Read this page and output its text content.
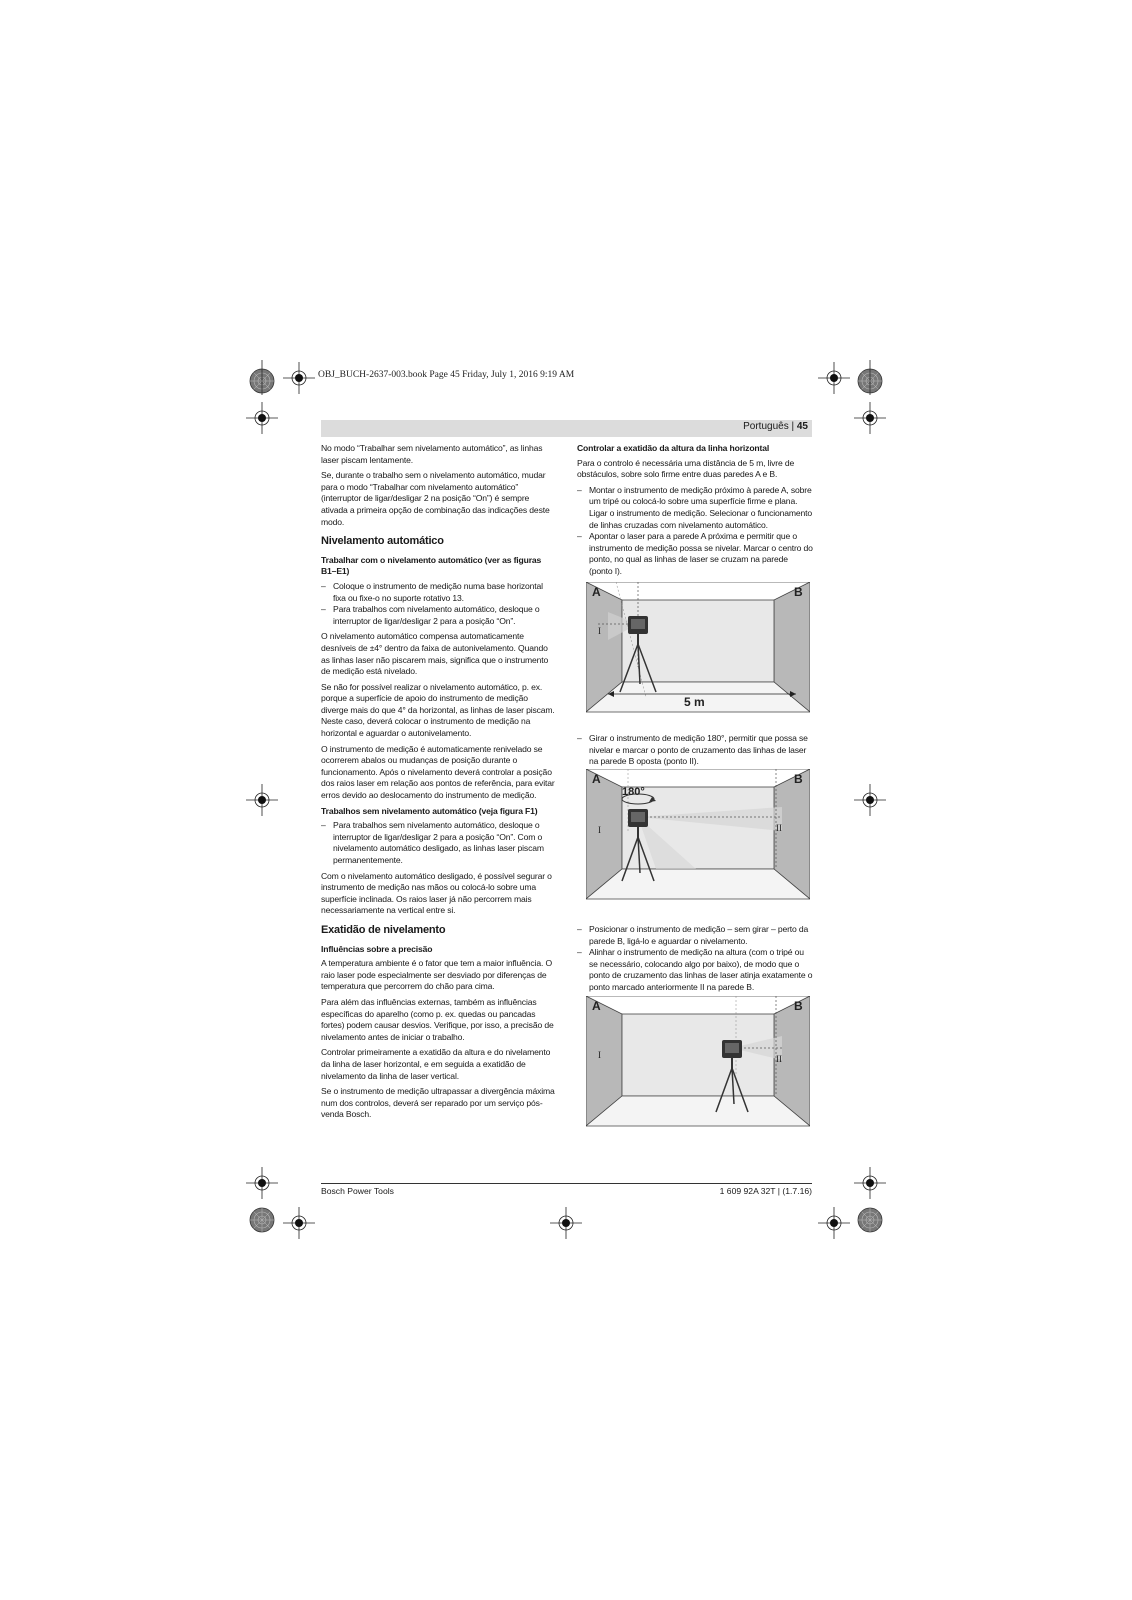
OBJ_BUCH-2637-003.book Page 45 Friday, July 1, 2016 9:19 AM
Português | 45

No modo “Trabalhar sem nivelamento automático”, as linhas laser piscam lentamente.

Se, durante o trabalho sem o nivelamento automático, mudar para o modo “Trabalhar com nivelamento automático” (interruptor de ligar/desligar 2 na posição “On”) é sempre ativada a primeira opção de combinação das indicações deste modo.

Nivelamento automático
Trabalhar com o nivelamento automático (ver as figuras B1–E1)
– Coloque o instrumento de medição numa base horizontal fixa ou fixe-o no suporte rotativo 13.
– Para trabalhos com nivelamento automático, desloque o interruptor de ligar/desligar 2 para a posição “On”.

O nivelamento automático compensa automaticamente desníveis de ±4° dentro da faixa de autonivelamento. Quando as linhas laser não piscarem mais, significa que o instrumento de medição está nivelado.

Se não for possível realizar o nivelamento automático, p. ex. porque a superfície de apoio do instrumento de medição diverge mais do que 4° da horizontal, as linhas de laser piscam. Neste caso, deverá colocar o instrumento de medição na horizontal e aguardar o autonivelamento.

O instrumento de medição é automaticamente renivelado se ocorrerem abalos ou mudanças de posição durante o funcionamento. Após o nivelamento deverá controlar a posição dos raios laser em relação aos pontos de referência, para evitar erros devido ao deslocamento do instrumento de medição.

Trabalhos sem nivelamento automático (veja figura F1)
– Para trabalhos sem nivelamento automático, desloque o interruptor de ligar/desligar 2 para a posição “On”. Com o nivelamento automático desligado, as linhas laser piscam permanentemente.

Com o nivelamento automático desligado, é possível segurar o instrumento de medição nas mãos ou colocá-lo sobre uma superfície inclinada. Os raios laser já não percorrem mais necessariamente na vertical entre si.

Exatidão de nivelamento
Influências sobre a precisão

A temperatura ambiente é o fator que tem a maior influência. O raio laser pode especialmente ser desviado por diferenças de temperatura que percorrem do chão para cima.

Para além das influências externas, também as influências específicas do aparelho (como p. ex. quedas ou pancadas fortes) podem causar desvios. Verifique, por isso, a precisão de nivelamento antes de iniciar o trabalho.

Controlar primeiramente a exatidão da altura e do nivelamento da linha de laser horizontal, e em seguida a exatidão de nivelamento da linha de laser vertical.

Se o instrumento de medição ultrapassar a divergência máxima num dos controlos, deverá ser reparado por um serviço pós-venda Bosch.

Controlar a exatidão da altura da linha horizontal

Para o controlo é necessária uma distância de 5 m, livre de obstáculos, sobre solo firme entre duas paredes A e B.

– Montar o instrumento de medição próximo à parede A, sobre um tripé ou colocá-lo sobre uma superfície firme e plana. Ligar o instrumento de medição. Selecionar o funcionamento de linhas cruzadas com nivelamento automático.
– Apontar o laser para a parede A próxima e permitir que o instrumento de medição possa se nivelar. Marcar o centro do ponto, no qual as linhas de laser se cruzam na parede (ponto I).
– Girar o instrumento de medição 180°, permitir que possa se nivelar e marcar o ponto de cruzamento das linhas de laser na parede B oposta (ponto II).
– Posicionar o instrumento de medição – sem girar – perto da parede B, ligá-lo e aguardar o nivelamento.
– Alinhar o instrumento de medição na altura (com o tripé ou se necessário, colocando algo por baixo), de modo que o ponto de cruzamento das linhas de laser atinja exatamente o ponto marcado anteriormente II na parede B.
A	B
I
5 m
A	B
180°
I	II
A	B
I	II
Bosch Power Tools	1 609 92A 32T | (1.7.16)
